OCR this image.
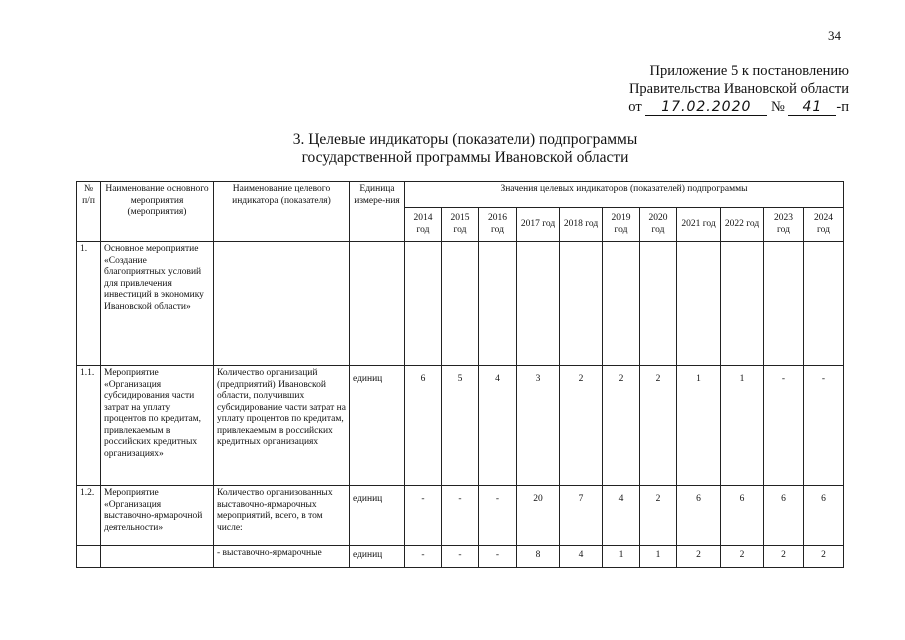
34
Приложение 5 к постановлению
Правительства Ивановской области
от 17.02.2020 № 41 -п
3. Целевые индикаторы (показатели) подпрограммы
государственной программы Ивановской области
№ п/п	Наименование основного мероприятия (мероприятия)	Наименование целевого индикатора (показателя)	Единица измере-ния	Значения целевых индикаторов (показателей) подпрограммы										
				2014 год	2015 год	2016 год	2017 год	2018 год	2019 год	2020 год	2021 год	2022 год	2023 год	2024 год
1.	Основное мероприятие «Создание благоприятных условий для привлечения инвестиций в экономику Ивановской области»													
1.1.	Мероприятие «Организация субсидирования части затрат на уплату процентов по кредитам, привлекаемым в российских кредитных организациях»	Количество организаций (предприятий) Ивановской области, получивших субсидирование части затрат на уплату процентов по кредитам, привлекаемым в российских кредитных организациях	единиц	6	5	4	3	2	2	2	1	1	-	-
1.2.	Мероприятие «Организация выставочно-ярмарочной деятельности»	Количество организованных выставочно-ярмарочных мероприятий, всего, в том числе:	единиц	-	-	-	20	7	4	2	6	6	6	6
		- выставочно-ярмарочные	единиц	-	-	-	8	4	1	1	2	2	2	2
